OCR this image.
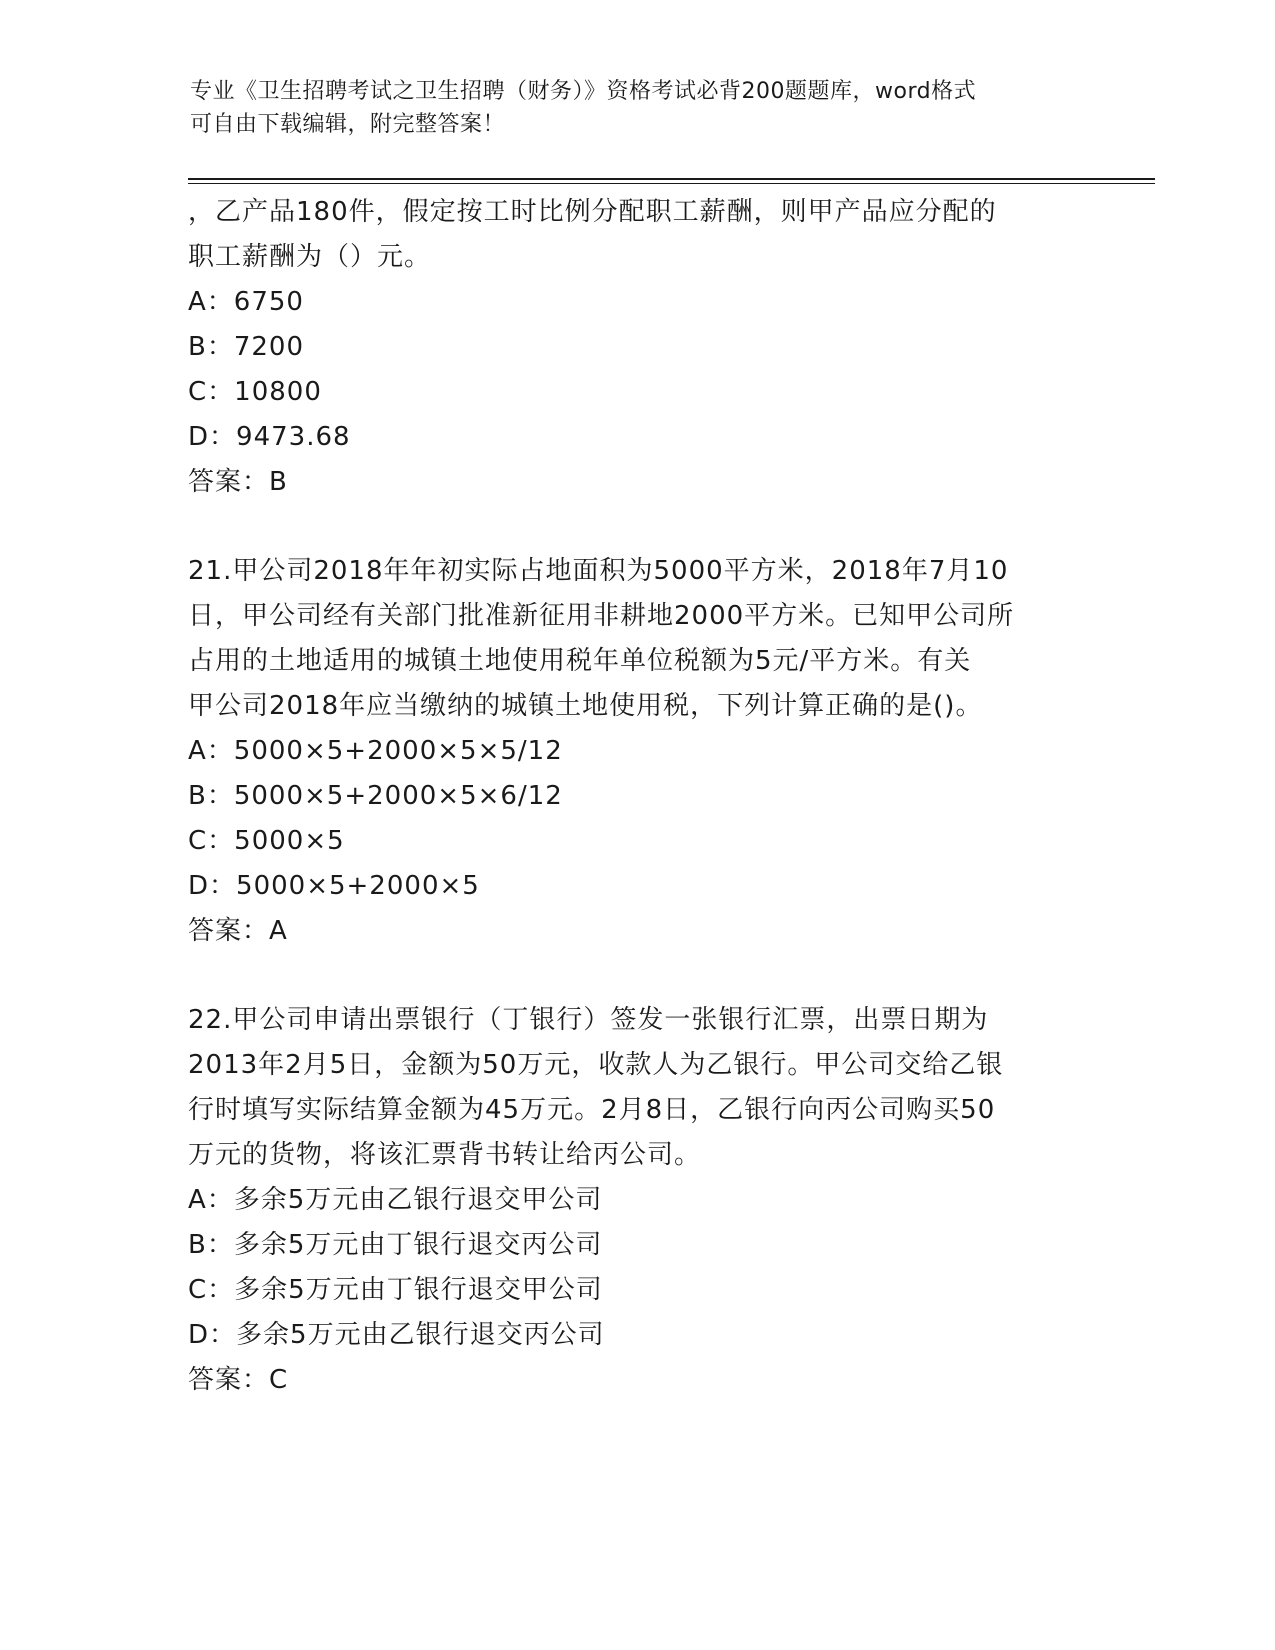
专业《卫生招聘考试之卫生招聘（财务）》资格考试必背200题题库，word格式
可自由下载编辑，附完整答案！
，乙产品180件，假定按工时比例分配职工薪酬，则甲产品应分配的
职工薪酬为（）元。
A：6750
B：7200
C：10800
D：9473.68
答案：B
21.甲公司2018年年初实际占地面积为5000平方米，2018年7月10
日，甲公司经有关部门批准新征用非耕地2000平方米。已知甲公司所
占用的土地适用的城镇土地使用税年单位税额为5元/平方米。有关
甲公司2018年应当缴纳的城镇土地使用税，下列计算正确的是()。
A：5000×5+2000×5×5/12
B：5000×5+2000×5×6/12
C：5000×5
D：5000×5+2000×5
答案：A
22.甲公司申请出票银行（丁银行）签发一张银行汇票，出票日期为
2013年2月5日，金额为50万元，收款人为乙银行。甲公司交给乙银
行时填写实际结算金额为45万元。2月8日，乙银行向丙公司购买50
万元的货物，将该汇票背书转让给丙公司。
A：多余5万元由乙银行退交甲公司
B：多余5万元由丁银行退交丙公司
C：多余5万元由丁银行退交甲公司
D：多余5万元由乙银行退交丙公司
答案：C
